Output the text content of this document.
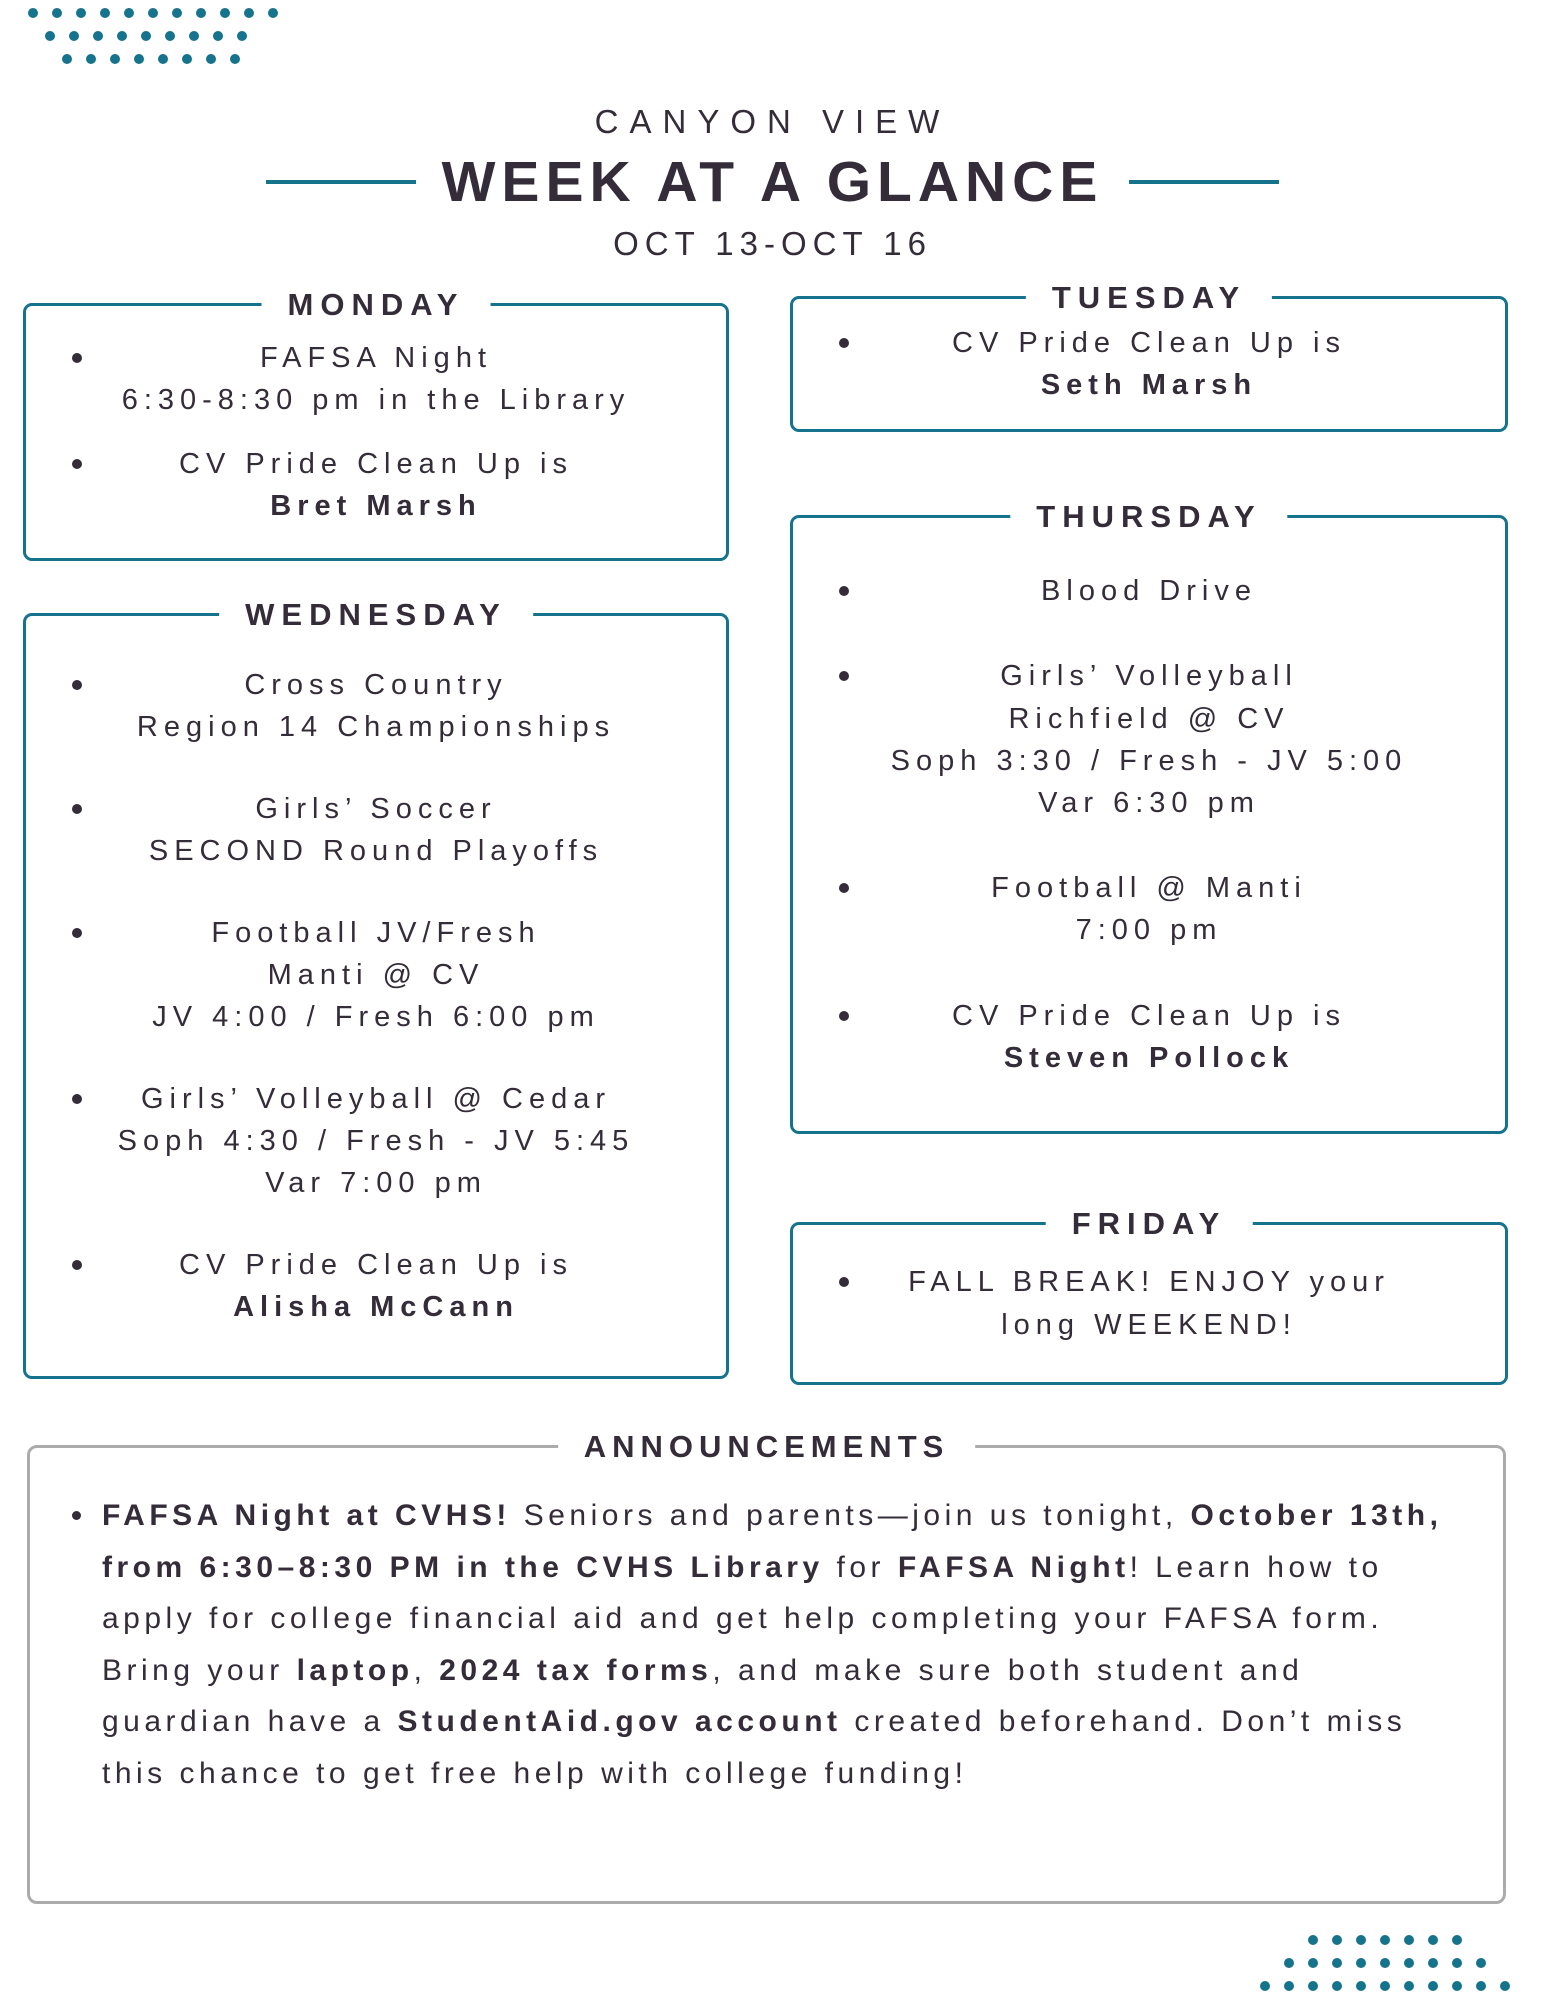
CANYON VIEW
WEEK AT A GLANCE
OCT 13-OCT 16
MONDAY
FAFSA Night
6:30-8:30 pm in the Library
CV Pride Clean Up is
Bret Marsh
TUESDAY
CV Pride Clean Up is
Seth Marsh
WEDNESDAY
Cross Country
Region 14 Championships
Girls’ Soccer
SECOND Round Playoffs
Football JV/Fresh
Manti @ CV
JV 4:00 / Fresh 6:00 pm
Girls’ Volleyball @ Cedar
Soph 4:30 / Fresh - JV 5:45
Var 7:00 pm
CV Pride Clean Up is
Alisha McCann
THURSDAY
Blood Drive
Girls’ Volleyball
Richfield @ CV
Soph 3:30 / Fresh - JV 5:00
Var 6:30 pm
Football @ Manti
7:00 pm
CV Pride Clean Up is
Steven Pollock
FRIDAY
FALL BREAK! ENJOY your
long WEEKEND!
ANNOUNCEMENTS
FAFSA Night at CVHS! Seniors and parents—join us tonight, October 13th, from 6:30–8:30 PM in the CVHS Library for FAFSA Night! Learn how to apply for college financial aid and get help completing your FAFSA form. Bring your laptop, 2024 tax forms, and make sure both student and guardian have a StudentAid.gov account created beforehand. Don’t miss this chance to get free help with college funding!
